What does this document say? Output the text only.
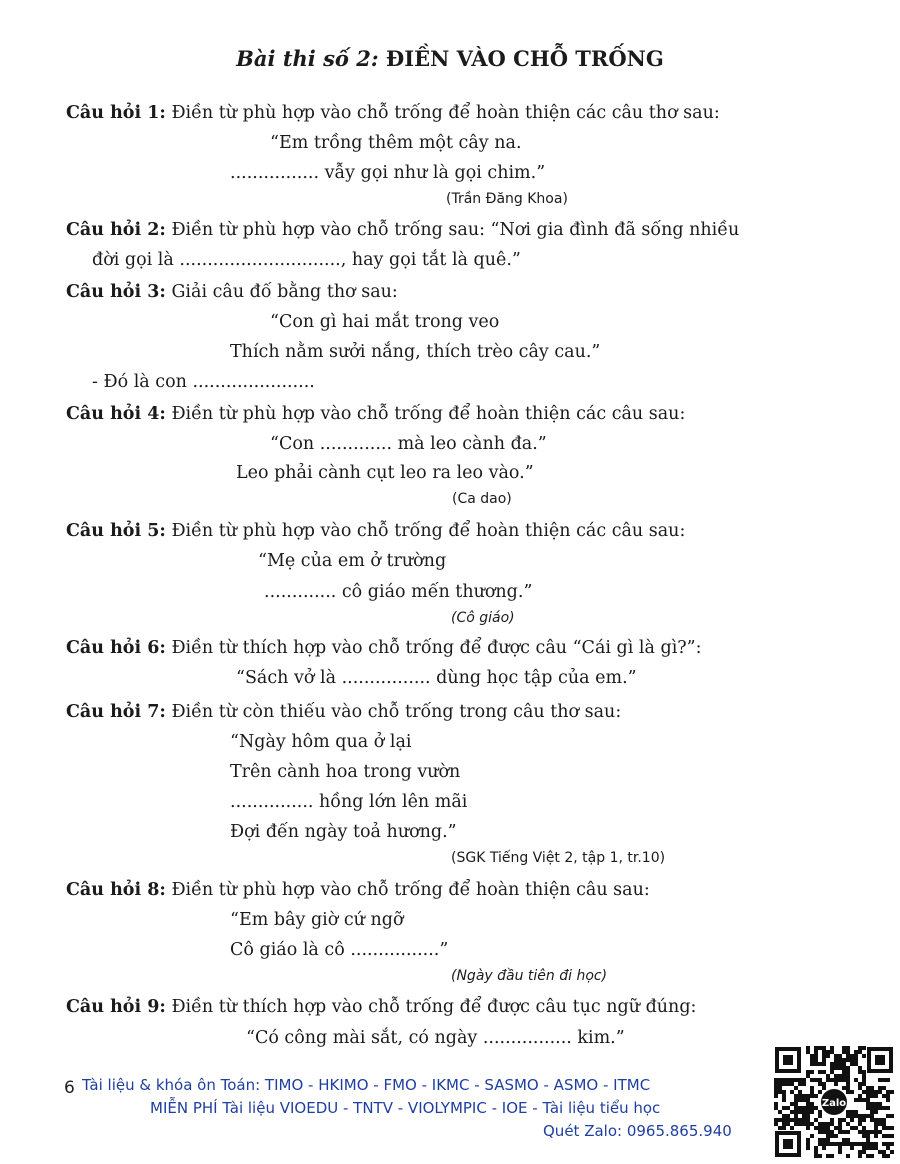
Bài thi số 2: ĐIỀN VÀO CHỖ TRỐNG
Câu hỏi 1: Điền từ phù hợp vào chỗ trống để hoàn thiện các câu thơ sau:
“Em trồng thêm một cây na.
................ vẫy gọi như là gọi chim.”
(Trần Đăng Khoa)
Câu hỏi 2: Điền từ phù hợp vào chỗ trống sau: “Nơi gia đình đã sống nhiều
đời gọi là ............................., hay gọi tắt là quê.”
Câu hỏi 3: Giải câu đố bằng thơ sau:
“Con gì hai mắt trong veo
Thích nằm sưởi nắng, thích trèo cây cau.”
- Đó là con ......................
Câu hỏi 4: Điền từ phù hợp vào chỗ trống để hoàn thiện các câu sau:
“Con ............. mà leo cành đa.”
Leo phải cành cụt leo ra leo vào.”
(Ca dao)
Câu hỏi 5: Điền từ phù hợp vào chỗ trống để hoàn thiện các câu sau:
“Mẹ của em ở trường
............. cô giáo mến thương.”
(Cô giáo)
Câu hỏi 6: Điền từ thích hợp vào chỗ trống để được câu “Cái gì là gì?”:
“Sách vở là ................ dùng học tập của em.”
Câu hỏi 7: Điền từ còn thiếu vào chỗ trống trong câu thơ sau:
“Ngày hôm qua ở lại
Trên cành hoa trong vườn
............... hồng lớn lên mãi
Đợi đến ngày toả hương.”
(SGK Tiếng Việt 2, tập 1, tr.10)
Câu hỏi 8: Điền từ phù hợp vào chỗ trống để hoàn thiện câu sau:
“Em bây giờ cứ ngỡ
Cô giáo là cô ................”
(Ngày đầu tiên đi học)
Câu hỏi 9: Điền từ thích hợp vào chỗ trống để được câu tục ngữ đúng:
“Có công mài sắt, có ngày ................ kim.”
6 Tài liệu & khóa ôn Toán: TIMO - HKIMO - FMO - IKMC - SASMO - ASMO - ITMC
MIỄN PHÍ Tài liệu VIOEDU - TNTV - VIOLYMPIC - IOE - Tài liệu tiểu học
Quét Zalo: 0965.865.940
Zalo
